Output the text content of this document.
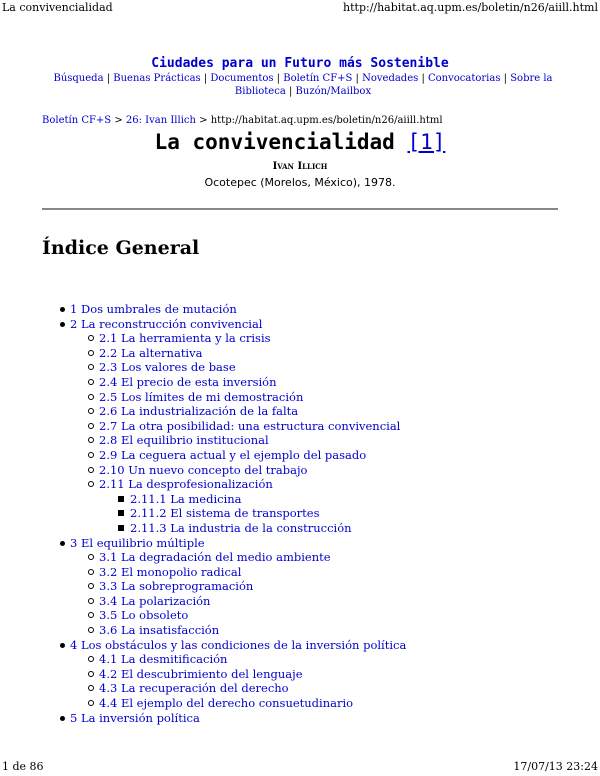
La convivencialidad	http://habitat.aq.upm.es/boletin/n26/aiill.html
Ciudades para un Futuro más Sostenible
Búsqueda | Buenas Prácticas | Documentos | Boletín CF+S | Novedades | Convocatorias | Sobre la Biblioteca | Buzón/Mailbox
Boletín CF+S > 26: Ivan Illich > http://habitat.aq.upm.es/boletin/n26/aiill.html
La convivencialidad [1]
Ivan Illich
Ocotepec (Morelos, México), 1978.
Índice General
1 Dos umbrales de mutación
2 La reconstrucción convivencial
2.1 La herramienta y la crisis
2.2 La alternativa
2.3 Los valores de base
2.4 El precio de esta inversión
2.5 Los límites de mi demostración
2.6 La industrialización de la falta
2.7 La otra posibilidad: una estructura convivencial
2.8 El equilibrio institucional
2.9 La ceguera actual y el ejemplo del pasado
2.10 Un nuevo concepto del trabajo
2.11 La desprofesionalización
2.11.1 La medicina
2.11.2 El sistema de transportes
2.11.3 La industria de la construcción
3 El equilibrio múltiple
3.1 La degradación del medio ambiente
3.2 El monopolio radical
3.3 La sobreprogramación
3.4 La polarización
3.5 Lo obsoleto
3.6 La insatisfacción
4 Los obstáculos y las condiciones de la inversión política
4.1 La desmitificación
4.2 El descubrimiento del lenguaje
4.3 La recuperación del derecho
4.4 El ejemplo del derecho consuetudinario
5 La inversión política
1 de 86	17/07/13 23:24
